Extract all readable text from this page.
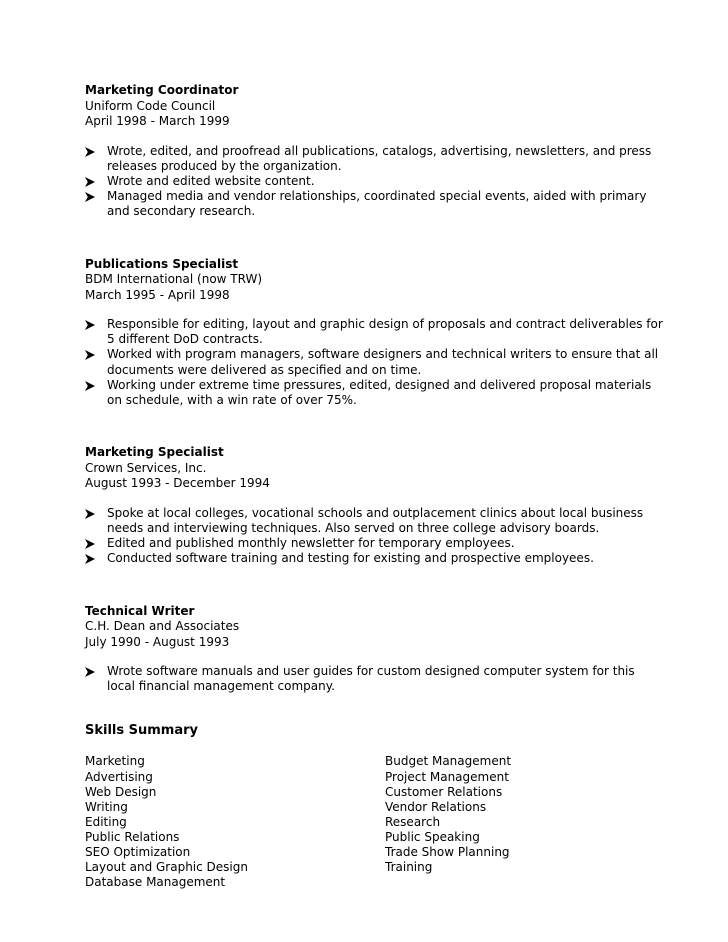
Marketing Coordinator

Uniform Code Council

April 1998 - March 1999

Wrote, edited, and proofread all publications, catalogs, advertising, newsletters, and press releases produced by the organization.
Wrote and edited website content.
Managed media and vendor relationships, coordinated special events, aided with primary and secondary research.

Publications Specialist

BDM International (now TRW)

March 1995 - April 1998

Responsible for editing, layout and graphic design of proposals and contract deliverables for 5 different DoD contracts.
Worked with program managers, software designers and technical writers to ensure that all documents were delivered as specified and on time.
Working under extreme time pressures, edited, designed and delivered proposal materials on schedule, with a win rate of over 75%.

Marketing Specialist

Crown Services, Inc.

August 1993 - December 1994

Spoke at local colleges, vocational schools and outplacement clinics about local business needs and interviewing techniques. Also served on three college advisory boards.
Edited and published monthly newsletter for temporary employees.
Conducted software training and testing for existing and prospective employees.

Technical Writer

C.H. Dean and Associates

July 1990 - August 1993

Wrote software manuals and user guides for custom designed computer system for this local financial management company.

Skills Summary

Marketing

Advertising

Web Design

Writing

Editing

Public Relations

SEO Optimization

Layout and Graphic Design

Database Management

Budget Management

Project Management

Customer Relations

Vendor Relations

Research

Public Speaking

Trade Show Planning

Training
